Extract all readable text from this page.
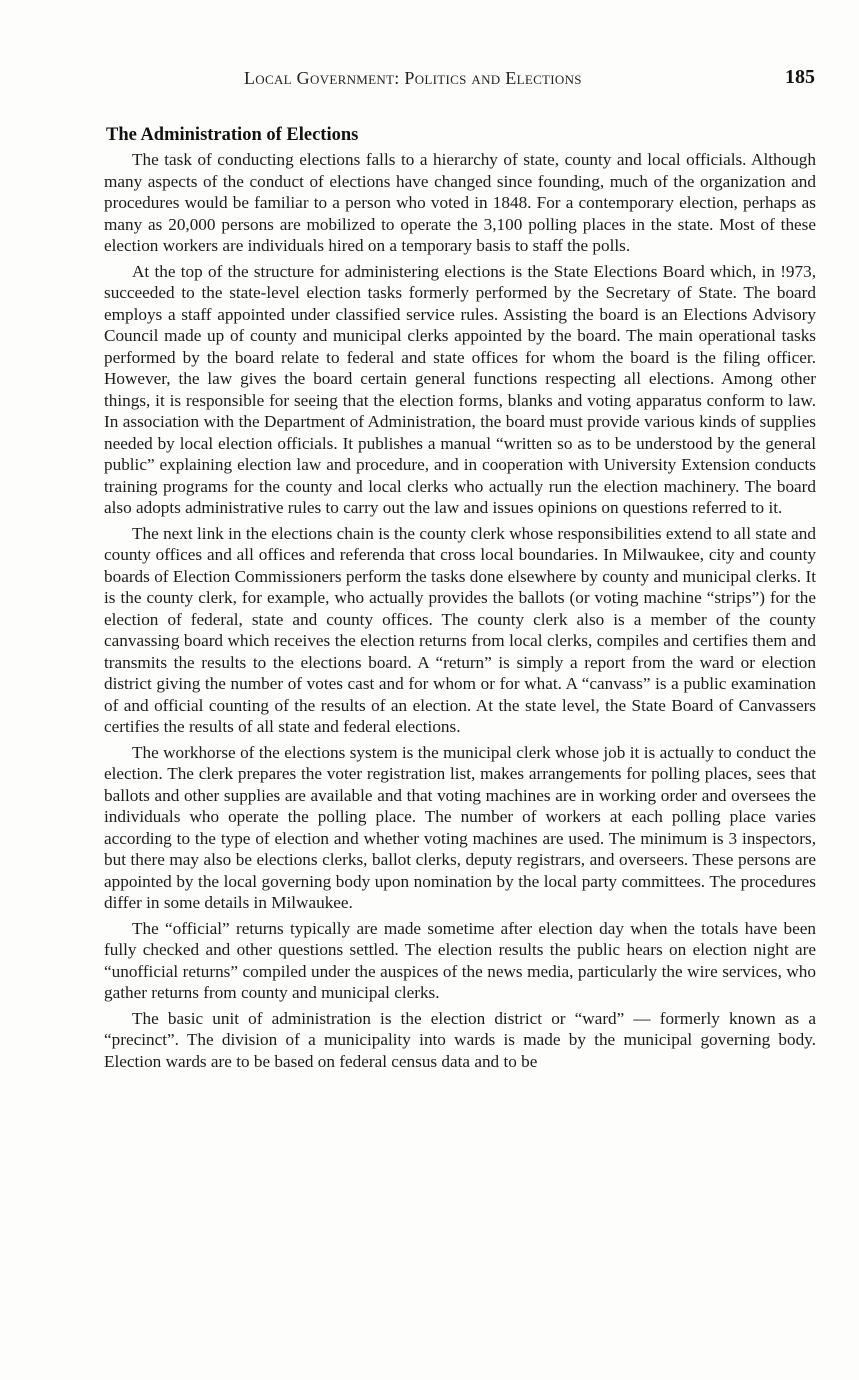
Local Government: Politics and Elections	185
The Administration of Elections

The task of conducting elections falls to a hierarchy of state, county and local officials. Although many aspects of the conduct of elections have changed since founding, much of the organization and procedures would be familiar to a person who voted in 1848. For a contemporary election, perhaps as many as 20,000 persons are mobilized to operate the 3,100 polling places in the state. Most of these election workers are individuals hired on a temporary basis to staff the polls.

At the top of the structure for administering elections is the State Elections Board which, in !973, succeeded to the state-level election tasks formerly performed by the Secretary of State. The board employs a staff appointed under classified service rules. Assisting the board is an Elections Advisory Council made up of county and municipal clerks appointed by the board. The main operational tasks performed by the board relate to federal and state offices for whom the board is the filing officer. However, the law gives the board certain general functions respecting all elections. Among other things, it is responsible for seeing that the election forms, blanks and voting apparatus conform to law. In association with the Department of Administration, the board must provide various kinds of supplies needed by local election officials. It publishes a manual “written so as to be understood by the general public” explaining election law and procedure, and in cooperation with University Extension conducts training programs for the county and local clerks who actually run the election machinery. The board also adopts administrative rules to carry out the law and issues opinions on questions referred to it.

The next link in the elections chain is the county clerk whose responsibilities extend to all state and county offices and all offices and referenda that cross local boundaries. In Milwaukee, city and county boards of Election Commissioners perform the tasks done elsewhere by county and municipal clerks. It is the county clerk, for example, who actually provides the ballots (or voting machine “strips”) for the election of federal, state and county offices. The county clerk also is a member of the county canvassing board which receives the election returns from local clerks, compiles and certifies them and transmits the results to the elections board. A “return” is simply a report from the ward or election district giving the number of votes cast and for whom or for what. A “canvass” is a public examination of and official counting of the results of an election. At the state level, the State Board of Canvassers certifies the results of all state and federal elections.

The workhorse of the elections system is the municipal clerk whose job it is actually to conduct the election. The clerk prepares the voter registration list, makes arrangements for polling places, sees that ballots and other supplies are available and that voting machines are in working order and oversees the individuals who operate the polling place. The number of workers at each polling place varies according to the type of election and whether voting machines are used. The minimum is 3 inspectors, but there may also be elections clerks, ballot clerks, deputy registrars, and overseers. These persons are appointed by the local governing body upon nomination by the local party committees. The procedures differ in some details in Milwaukee.

The “official” returns typically are made sometime after election day when the totals have been fully checked and other questions settled. The election results the public hears on election night are “unofficial returns” compiled under the auspices of the news media, particularly the wire services, who gather returns from county and municipal clerks.

The basic unit of administration is the election district or “ward” — formerly known as a “precinct”. The division of a municipality into wards is made by the municipal governing body. Election wards are to be based on federal census data and to be
